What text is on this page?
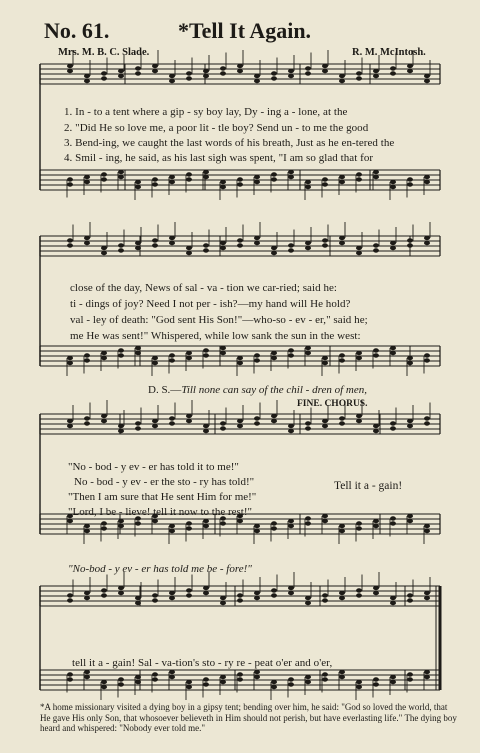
No. 61.	*Tell It Again.
Mrs. M. B. C. Slade.	R. M. McIntosh.
1. In - to a tent where a gip - sy boy lay, Dy - ing a - lone, at the
2. "Did He so love me, a poor lit - tle boy? Send un - to me the good
3. Bend-ing, we caught the last words of his breath, Just as he en-tered the
4. Smil - ing, he said, as his last sigh was spent, "I am so glad that for
close of the day, News of sal - va - tion we car-ried; said he:
ti - dings of joy? Need I not per - ish?—my hand will He hold?
val - ley of death: "God sent His Son!"—who-so - ev - er," said he;
me He was sent!" Whispered, while low sank the sun in the west:
D. S.—Till none can say of the chil - dren of men,
FINE. CHORUS.
"No - bod - y ev - er has told it to me!"
No - bod - y ev - er the sto - ry has told!"
"Then I am sure that He sent Him for me!"
"Lord, I be - lieve! tell it now to the rest!"
Tell it a - gain!
"No-bod - y ev - er has told me be - fore!"
tell it a - gain! Sal - va-tion's sto - ry re - peat o'er and o'er,
*A home missionary visited a dying boy in a gipsy tent; bending over him, he said: "God so loved the world, that He gave His only Son, that whosoever believeth in Him should not perish, but have everlasting life." The dying boy heard and whispered: "Nobody ever told me."
